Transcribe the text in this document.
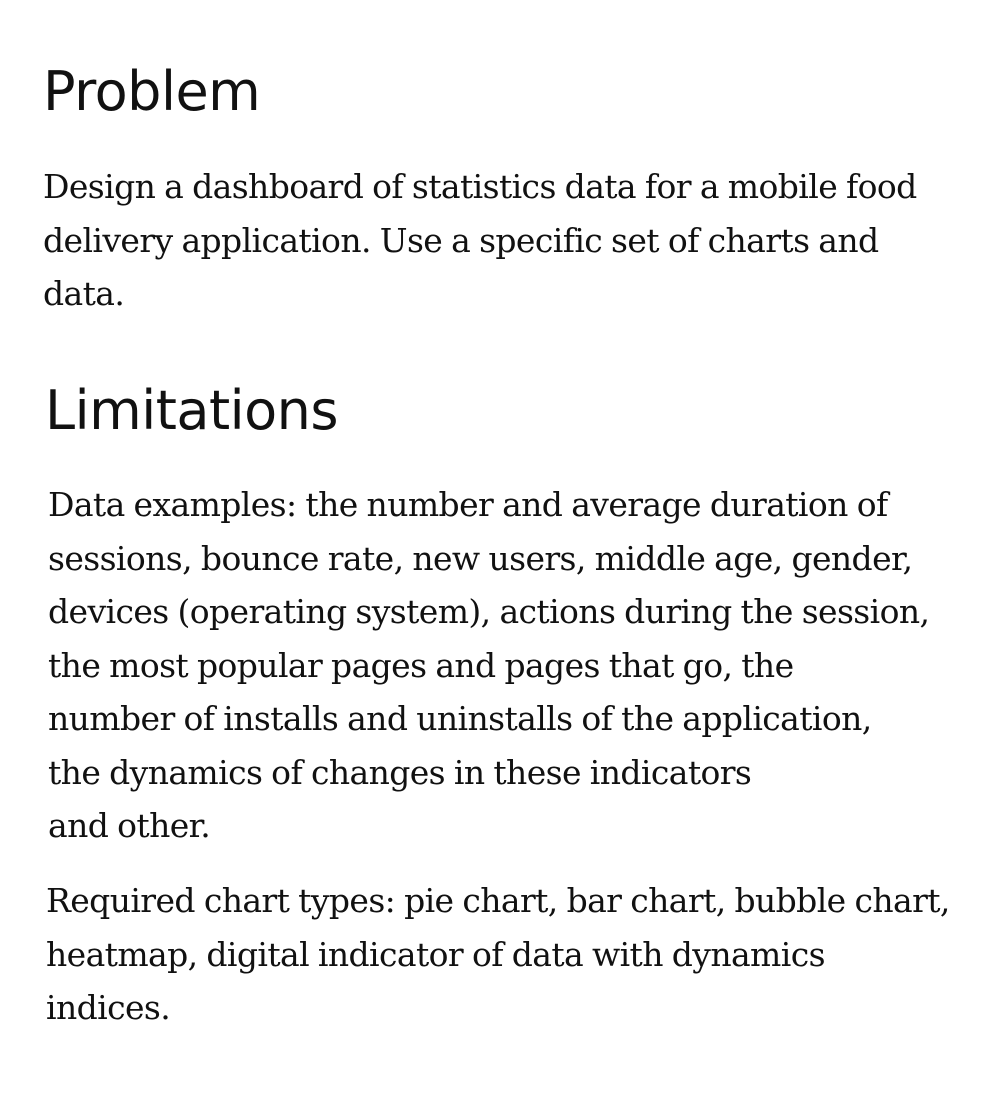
Problem

Design a dashboard of statistics data for a mobile food
delivery application. Use a specific set of charts and
data.

Limitations

Data examples: the number and average duration of
sessions, bounce rate, new users, middle age, gender,
devices (operating system), actions during the session,
the most popular pages and pages that go, the
number of installs and uninstalls of the application,
the dynamics of changes in these indicators
and other.

Required chart types: pie chart, bar chart, bubble chart,
heatmap, digital indicator of data with dynamics
indices.
